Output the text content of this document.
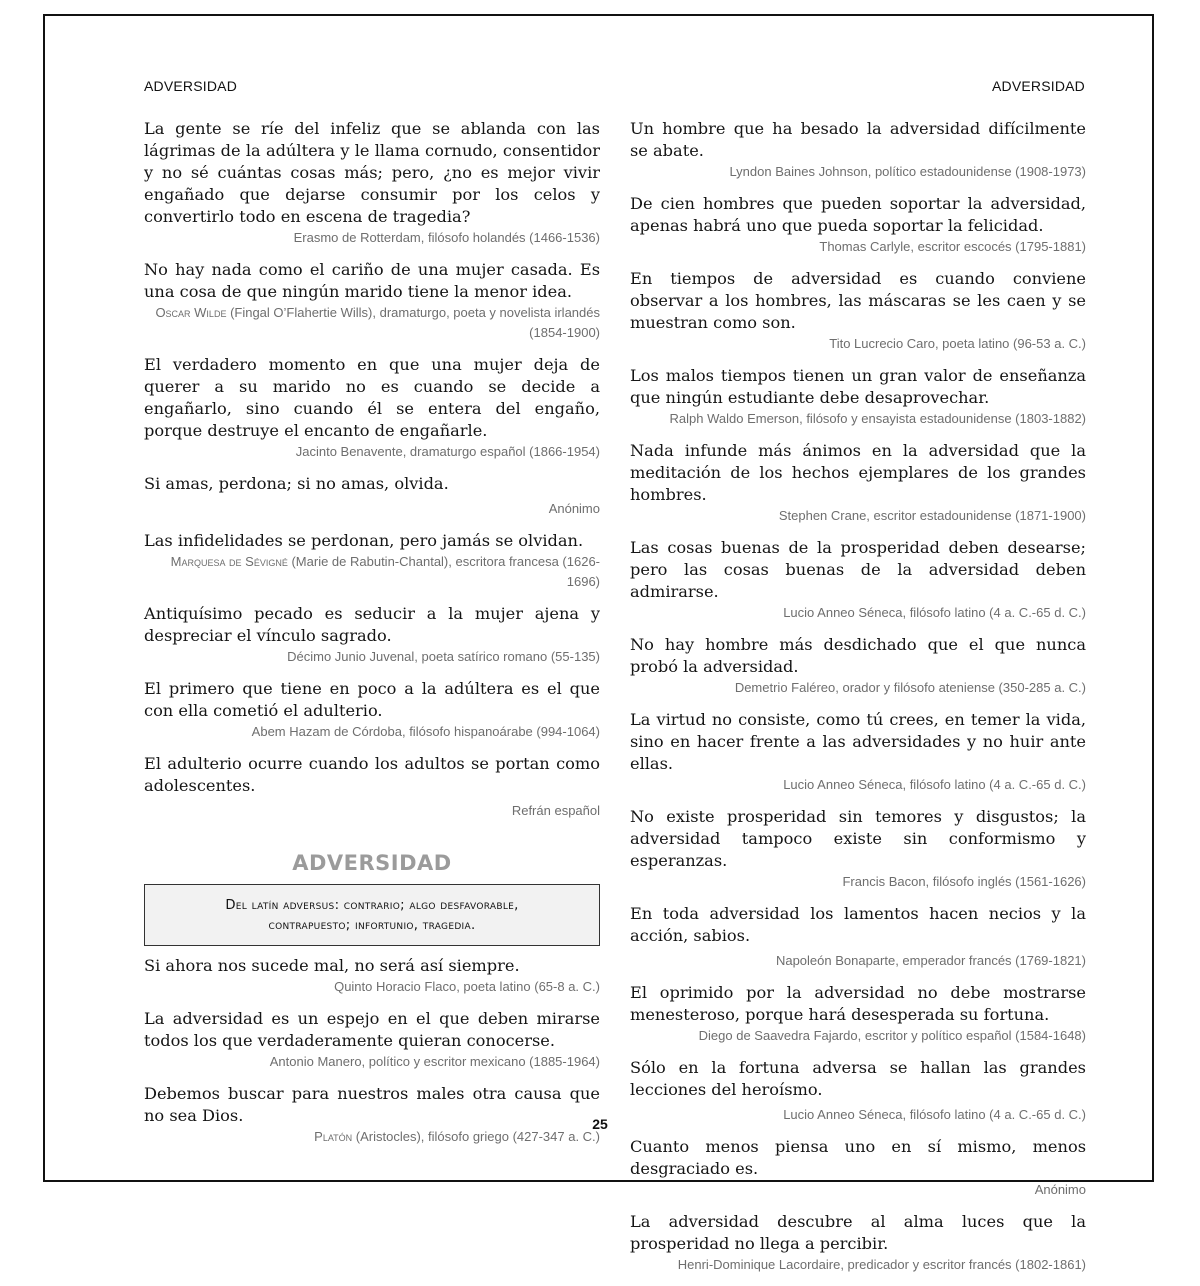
ADVERSIDAD	ADVERSIDAD

La gente se ríe del infeliz que se ablanda con las lágrimas de la adúltera y le llama cornudo, consentidor y no sé cuántas cosas más; pero, ¿no es mejor vivir engañado que dejarse consumir por los celos y convertirlo todo en escena de tragedia?

Erasmo de Rotterdam, filósofo holandés (1466-1536)

No hay nada como el cariño de una mujer casada. Es una cosa de que ningún marido tiene la menor idea.

Oscar Wilde (Fingal O’Flahertie Wills), dramaturgo, poeta y novelista irlandés (1854-1900)

El verdadero momento en que una mujer deja de querer a su marido no es cuando se decide a engañarlo, sino cuando él se entera del engaño, porque destruye el encanto de engañarle.

Jacinto Benavente, dramaturgo español (1866-1954)

Si amas, perdona; si no amas, olvida.

Anónimo

Las infidelidades se perdonan, pero jamás se olvidan.

Marquesa de Sévigné (Marie de Rabutin-Chantal), escritora francesa (1626-1696)

Antiquísimo pecado es seducir a la mujer ajena y despreciar el vínculo sagrado.

Décimo Junio Juvenal, poeta satírico romano (55-135)

El primero que tiene en poco a la adúltera es el que con ella cometió el adulterio.

Abem Hazam de Córdoba, filósofo hispanoárabe (994-1064)

El adulterio ocurre cuando los adultos se portan como adolescentes.

Refrán español

ADVERSIDAD
Del latín adversus: contrario; algo desfavorable,
contrapuesto; infortunio, tragedia.

Si ahora nos sucede mal, no será así siempre.

Quinto Horacio Flaco, poeta latino (65-8 a. C.)

La adversidad es un espejo en el que deben mirarse todos los que verdaderamente quieran conocerse.

Antonio Manero, político y escritor mexicano (1885-1964)

Debemos buscar para nuestros males otra causa que no sea Dios.

Platón (Aristocles), filósofo griego (427-347 a. C.)

Un hombre que ha besado la adversidad difícilmente se abate.

Lyndon Baines Johnson, político estadounidense (1908-1973)

De cien hombres que pueden soportar la adversidad, apenas habrá uno que pueda soportar la felicidad.

Thomas Carlyle, escritor escocés (1795-1881)

En tiempos de adversidad es cuando conviene observar a los hombres, las máscaras se les caen y se muestran como son.

Tito Lucrecio Caro, poeta latino (96-53 a. C.)

Los malos tiempos tienen un gran valor de enseñanza que ningún estudiante debe desaprovechar.

Ralph Waldo Emerson, filósofo y ensayista estadounidense (1803-1882)

Nada infunde más ánimos en la adversidad que la meditación de los hechos ejemplares de los grandes hombres.

Stephen Crane, escritor estadounidense (1871-1900)

Las cosas buenas de la prosperidad deben desearse; pero las cosas buenas de la adversidad deben admirarse.

Lucio Anneo Séneca, filósofo latino (4 a. C.-65 d. C.)

No hay hombre más desdichado que el que nunca probó la adversidad.

Demetrio Faléreo, orador y filósofo ateniense (350-285 a. C.)

La virtud no consiste, como tú crees, en temer la vida, sino en hacer frente a las adversidades y no huir ante ellas.

Lucio Anneo Séneca, filósofo latino (4 a. C.-65 d. C.)

No existe prosperidad sin temores y disgustos; la adversidad tampoco existe sin conformismo y esperanzas.

Francis Bacon, filósofo inglés (1561-1626)

En toda adversidad los lamentos hacen necios y la acción, sabios.

Napoleón Bonaparte, emperador francés (1769-1821)

El oprimido por la adversidad no debe mostrarse menesteroso, porque hará desesperada su fortuna.

Diego de Saavedra Fajardo, escritor y político español (1584-1648)

Sólo en la fortuna adversa se hallan las grandes lecciones del heroísmo.

Lucio Anneo Séneca, filósofo latino (4 a. C.-65 d. C.)

Cuanto menos piensa uno en sí mismo, menos desgraciado es.

Anónimo

La adversidad descubre al alma luces que la prosperidad no llega a percibir.

Henri-Dominique Lacordaire, predicador y escritor francés (1802-1861)

25
